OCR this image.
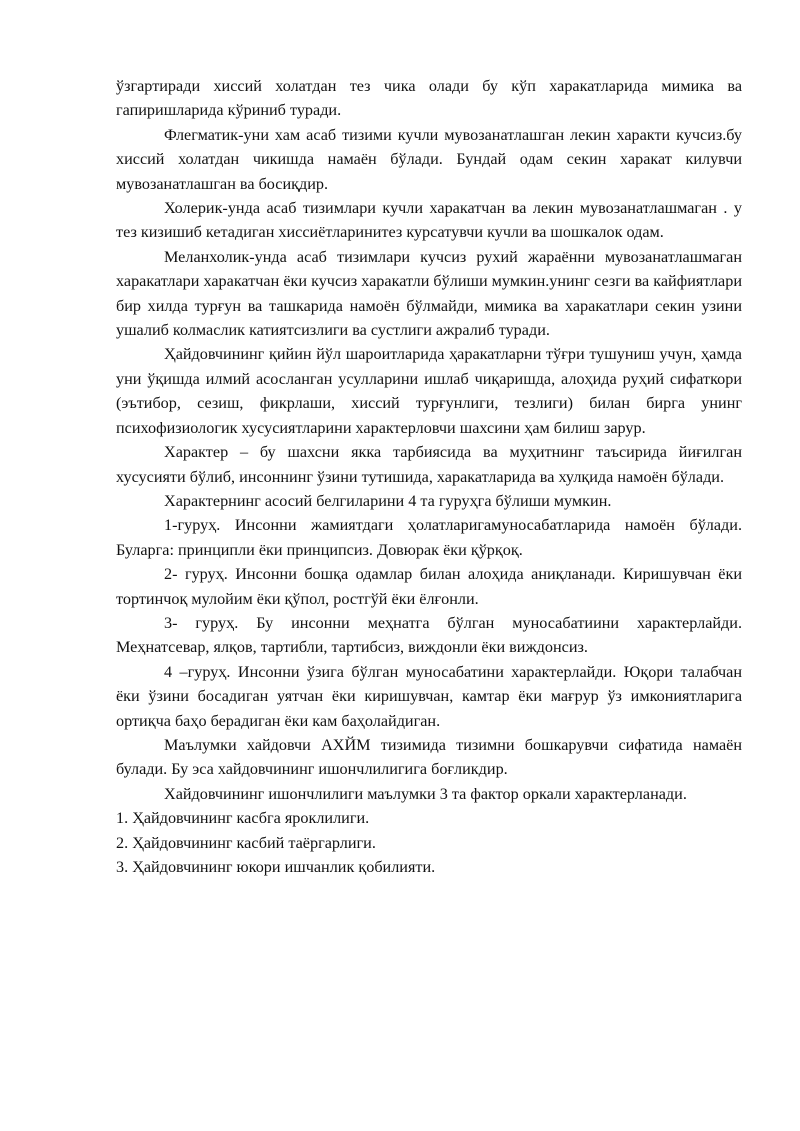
ўзгартиради хиссий холатдан тез чика олади бу кўп харакатларида мимика ва гапиришларида кўриниб туради.

Флегматик-уни хам асаб тизими кучли мувозанатлашган лекин характи кучсиз.бу хиссий холатдан чикишда намаён бўлади. Бундай одам секин харакат килувчи мувозанатлашган ва босиқдир.

Холерик-унда асаб тизимлари кучли харакатчан ва лекин мувозанатлашмаган . у тез кизишиб кетадиган хиссиётларинитез курсатувчи кучли ва шошкалок одам.

Меланхолик-унда асаб тизимлари кучсиз рухий жараённи мувозанатлашмаган харакатлари харакатчан ёки кучсиз харакатли бўлиши мумкин.унинг сезги ва кайфиятлари бир хилда турғун ва ташкарида намоён бўлмайди, мимика ва харакатлари секин узини ушалиб колмаслик катиятсизлиги ва сустлиги ажралиб туради.

Ҳайдовчининг қийин йўл шароитларида ҳаракатларни тўғри тушуниш учун, ҳамда уни ўқишда илмий асосланган усулларини ишлаб чиқаришда, алоҳида руҳий сифаткори (эътибор, сезиш, фикрлаши, хиссий турғунлиги, тезлиги) билан бирга унинг психофизиологик хусусиятларини характерловчи шахсини ҳам билиш зарур.

Характер – бу шахсни якка тарбиясида ва муҳитнинг таъсирида йиғилган хусусияти бўлиб, инсоннинг ўзини тутишида, харакатларида ва хулқида намоён бўлади.

Характернинг асосий белгиларини 4 та гуруҳга бўлиши мумкин.

1-гуруҳ. Инсонни жамиятдаги ҳолатларигамуносабатларида намоён бўлади. Буларга: принципли ёки принципсиз. Довюрак ёки қўрқоқ.

2- гуруҳ. Инсонни бошқа одамлар билан алоҳида аниқланади. Киришувчан ёки тортинчоқ мулойим ёки қўпол, ростгўй ёки ёлғонли.

3- гуруҳ. Бу инсонни меҳнатга бўлган муносабатиини характерлайди. Меҳнатсевар, ялқов, тартибли, тартибсиз, виждонли ёки виждонсиз.

4 –гуруҳ. Инсонни ўзига бўлган муносабатини характерлайди. Юқори талабчан ёки ўзини босадиган уятчан ёки киришувчан, камтар ёки мағрур ўз имкониятларига ортиқча баҳо берадиган ёки кам баҳолайдиган.

Маълумки хайдовчи АХЙМ тизимида тизимни бошкарувчи сифатида намаён булади. Бу эса хайдовчининг ишончлилигига боғликдир.

Хайдовчининг ишончлилиги маълумки 3 та фактор оркали характерланади.

1. Ҳайдовчининг касбга яроклилиги.

2. Ҳайдовчининг касбий таёргарлиги.

3. Ҳайдовчининг юкори ишчанлик қобилияти.
